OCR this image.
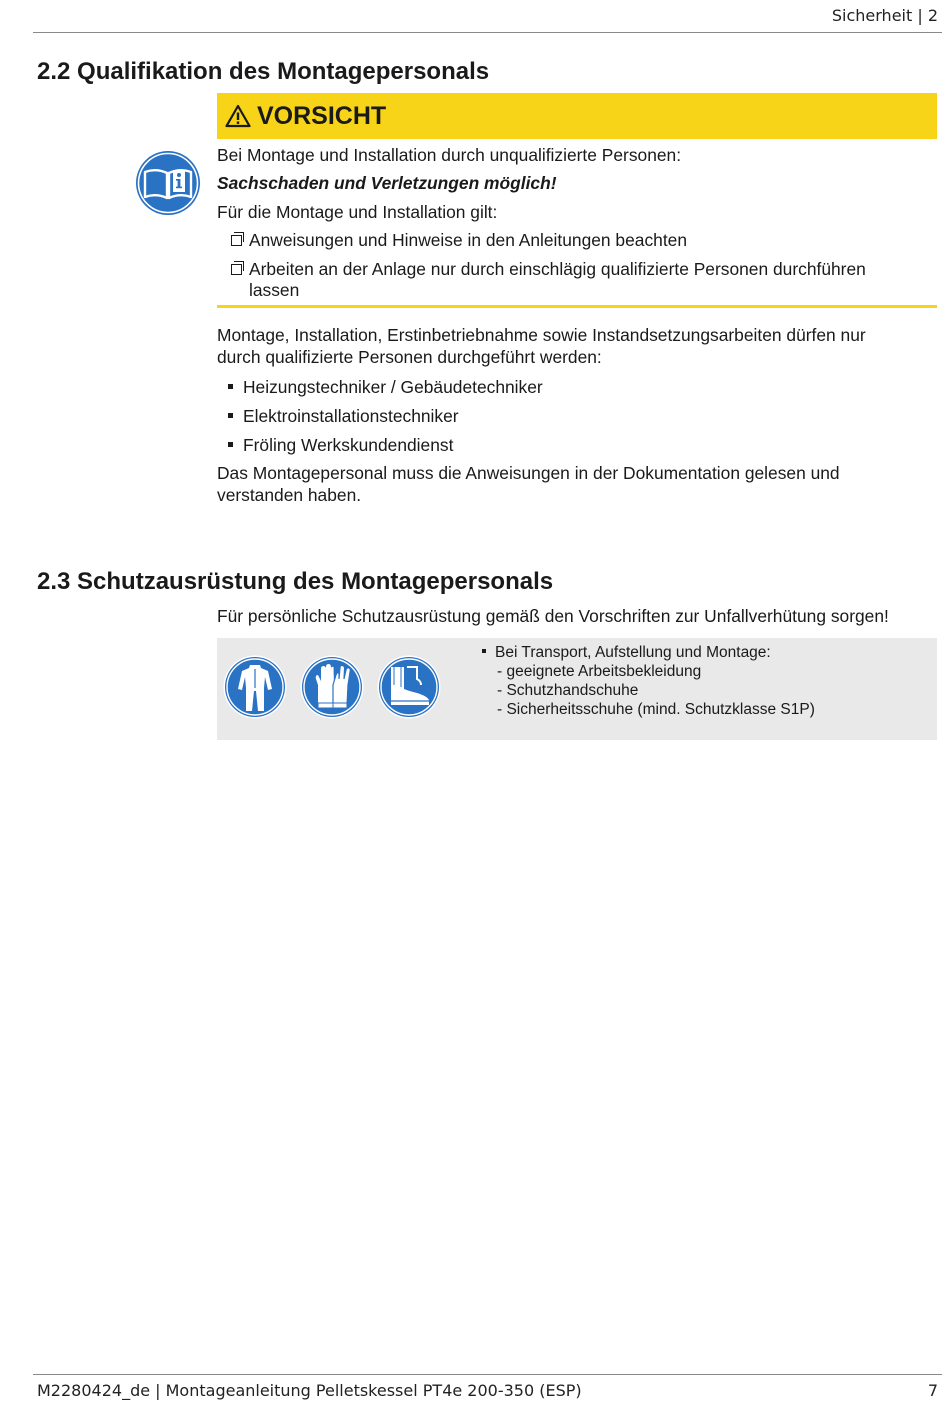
Sicherheit | 2
2.2 Qualifikation des Montagepersonals
VORSICHT
Bei Montage und Installation durch unqualifizierte Personen:
Sachschaden und Verletzungen möglich!
Für die Montage und Installation gilt:
Anweisungen und Hinweise in den Anleitungen beachten
Arbeiten an der Anlage nur durch einschlägig qualifizierte Personen durchführen lassen
Montage, Installation, Erstinbetriebnahme sowie Instandsetzungsarbeiten dürfen nur
durch qualifizierte Personen durchgeführt werden:
Heizungstechniker / Gebäudetechniker
Elektroinstallationstechniker
Fröling Werkskundendienst
Das Montagepersonal muss die Anweisungen in der Dokumentation gelesen und
verstanden haben.
2.3 Schutzausrüstung des Montagepersonals
Für persönliche Schutzausrüstung gemäß den Vorschriften zur Unfallverhütung sorgen!
Bei Transport, Aufstellung und Montage:
- geeignete Arbeitsbekleidung
- Schutzhandschuhe
- Sicherheitsschuhe (mind. Schutzklasse S1P)
M2280424_de | Montageanleitung Pelletskessel PT4e 200-350 (ESP)	7
